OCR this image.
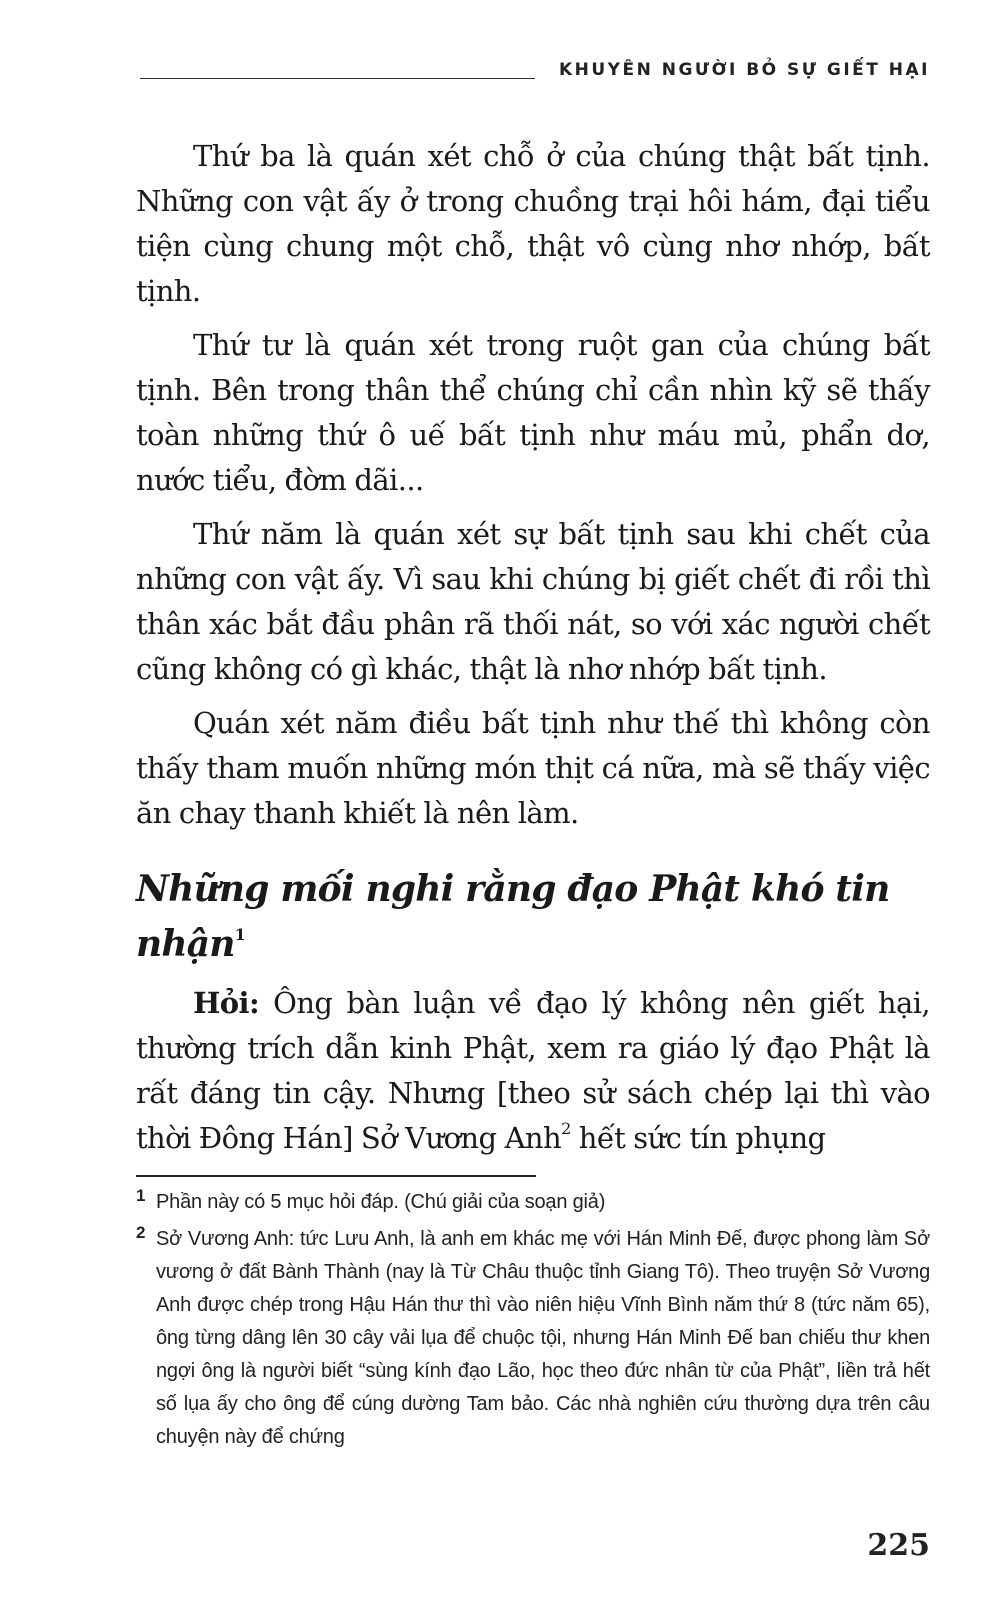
KHUYÊN NGƯỜI BỎ SỰ GIẾT HẠI

Thứ ba là quán xét chỗ ở của chúng thật bất tịnh. Những con vật ấy ở trong chuồng trại hôi hám, đại tiểu tiện cùng chung một chỗ, thật vô cùng nhơ nhớp, bất tịnh.

Thứ tư là quán xét trong ruột gan của chúng bất tịnh. Bên trong thân thể chúng chỉ cần nhìn kỹ sẽ thấy toàn những thứ ô uế bất tịnh như máu mủ, phẩn dơ, nước tiểu, đờm dãi...

Thứ năm là quán xét sự bất tịnh sau khi chết của những con vật ấy. Vì sau khi chúng bị giết chết đi rồi thì thân xác bắt đầu phân rã thối nát, so với xác người chết cũng không có gì khác, thật là nhơ nhớp bất tịnh.

Quán xét năm điều bất tịnh như thế thì không còn thấy tham muốn những món thịt cá nữa, mà sẽ thấy việc ăn chay thanh khiết là nên làm.

Những mối nghi rằng đạo Phật khó tin nhận$^1$

Hỏi: Ông bàn luận về đạo lý không nên giết hại, thường trích dẫn kinh Phật, xem ra giáo lý đạo Phật là rất đáng tin cậy. Nhưng [theo sử sách chép lại thì vào thời Đông Hán] Sở Vương Anh$^2$ hết sức tín phụng

1 Phần này có 5 mục hỏi đáp. (Chú giải của soạn giả)

2 Sở Vương Anh: tức Lưu Anh, là anh em khác mẹ với Hán Minh Đế, được phong làm Sở vương ở đất Bành Thành (nay là Từ Châu thuộc tỉnh Giang Tô). Theo truyện Sở Vương Anh được chép trong Hậu Hán thư thì vào niên hiệu Vĩnh Bình năm thứ 8 (tức năm 65), ông từng dâng lên 30 cây vải lụa để chuộc tội, nhưng Hán Minh Đế ban chiếu thư khen ngợi ông là người biết “sùng kính đạo Lão, học theo đức nhân từ của Phật”, liền trả hết số lụa ấy cho ông để cúng dường Tam bảo. Các nhà nghiên cứu thường dựa trên câu chuyện này để chứng

225
